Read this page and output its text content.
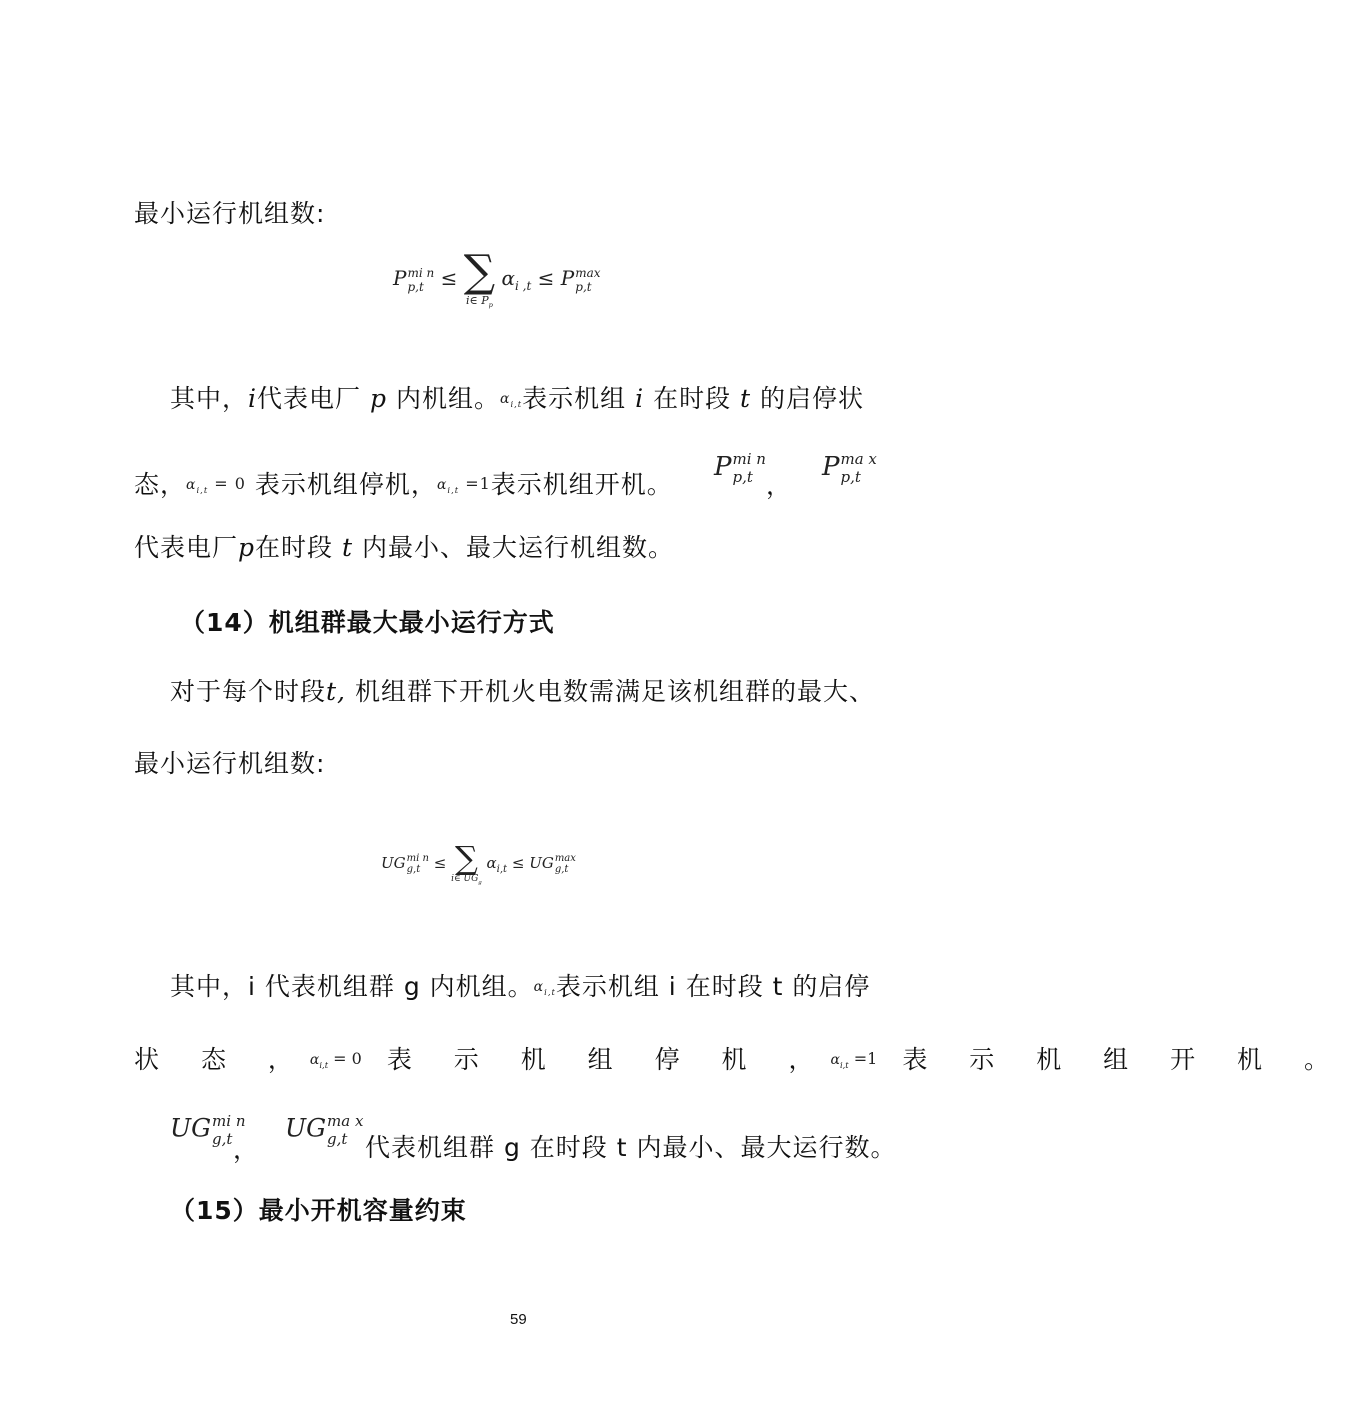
最小运行机组数:
P mi n
p,t ≤ ∑
i∈ $P_p$
$\alpha_{i ,t} \le P$ max
p,t
其中，i代表电厂 p 内机组。$\alpha_{i,t}$表示机组 i 在时段 t 的启停状
态，$\alpha_{i,t} = 0$ 表示机组停机，$\alpha_{i,t} =1$表示机组开机。
P mi n
p,t ，
P ma x
p,t
代表电厂p在时段 t 内最小、最大运行机组数。
（14）机组群最大最小运行方式
对于每个时段t, 机组群下开机火电数需满足该机组群的最大、
最小运行机组数:
UG mi n
g,t ≤ ∑
i∈ $UG_g$
$\alpha_{i,t}$ ≤ UG max
g,t
其中，i 代表机组群 g 内机组。$\alpha_{i,t}$表示机组 i 在时段 t 的启停
状 态 ，$\alpha_{i,t} = 0$ 表 示 机 组 停 机 ，$\alpha_{i,t} =1$ 表 示 机 组 开 机 。
UG mi n
g,t ，
UG ma x
g,t 代表机组群 g 在时段 t 内最小、最大运行数。
（15）最小开机容量约束
59
